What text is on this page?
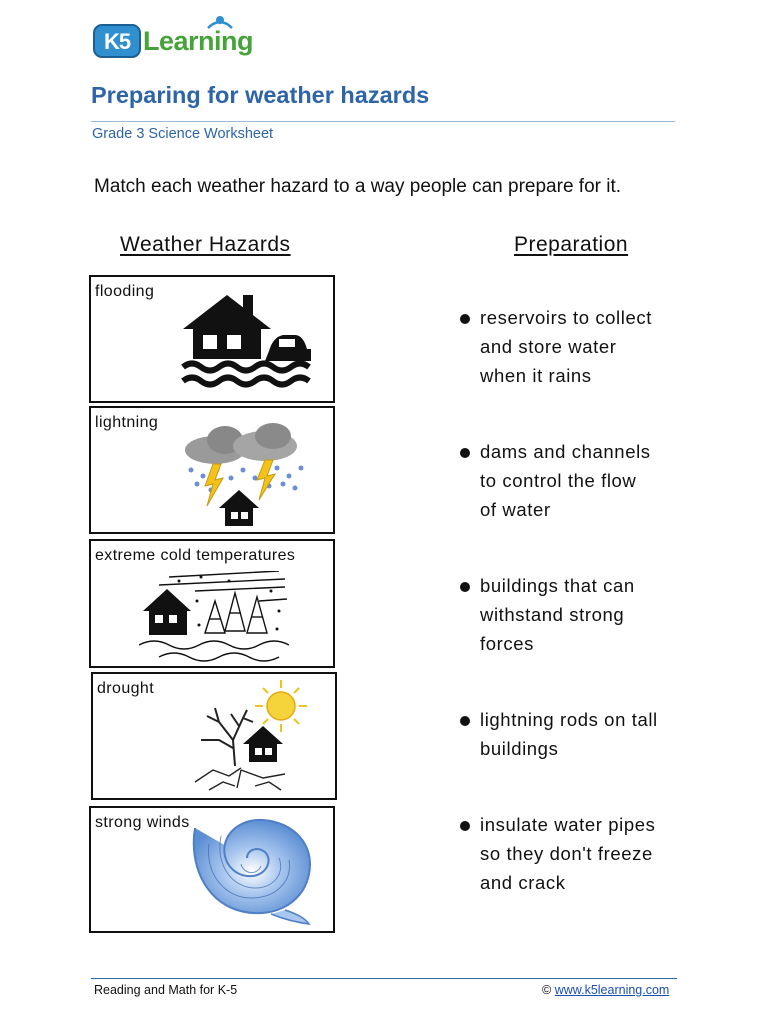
K5 Learning
Preparing for weather hazards
Grade 3 Science Worksheet
Match each weather hazard to a way people can prepare for it.
Weather Hazards	Preparation
flooding
lightning
extreme cold temperatures
drought
strong winds
reservoirs to collect
and store water
when it rains
dams and channels
to control the flow
of water
buildings that can
withstand strong
forces
lightning rods on tall
buildings
insulate water pipes
so they don't freeze
and crack
Reading and Math for K-5	© www.k5learning.com
